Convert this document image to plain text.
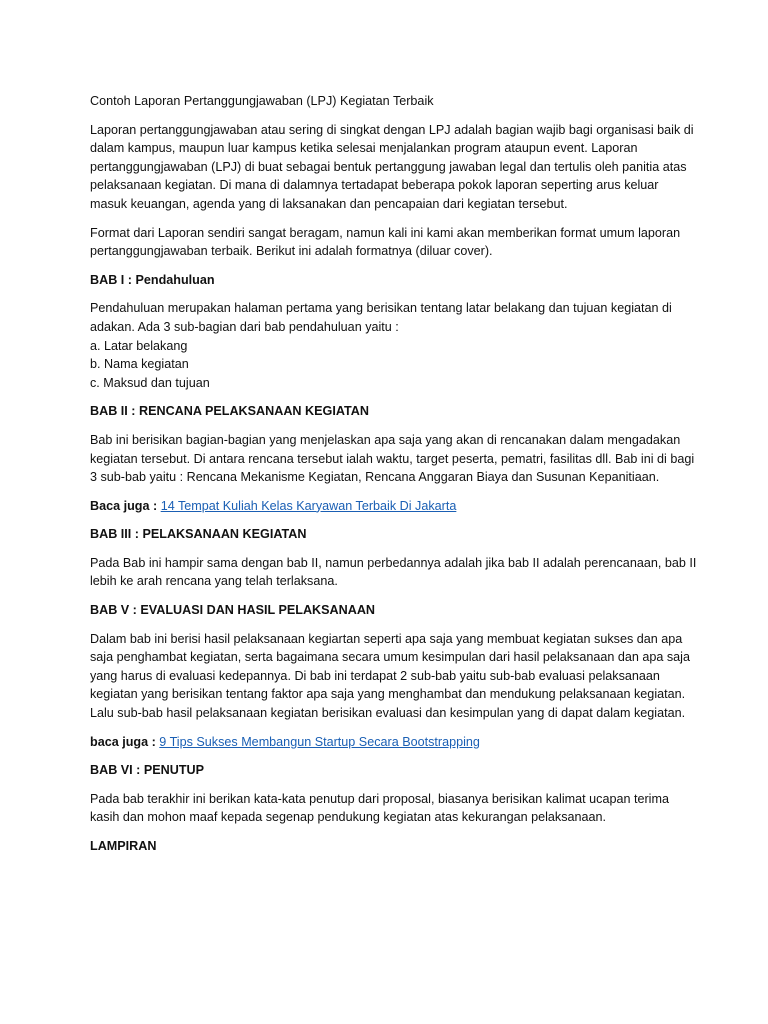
Contoh Laporan Pertanggungjawaban (LPJ) Kegiatan Terbaik

Laporan pertanggungjawaban atau sering di singkat dengan LPJ adalah bagian wajib bagi organisasi baik di dalam kampus, maupun luar kampus ketika selesai menjalankan program ataupun event. Laporan pertanggungjawaban (LPJ) di buat sebagai bentuk pertanggung jawaban legal dan tertulis oleh panitia atas pelaksanaan kegiatan. Di mana di dalamnya tertadapat beberapa pokok laporan seperting arus keluar masuk keuangan, agenda yang di laksanakan dan pencapaian dari kegiatan tersebut.

Format dari Laporan sendiri sangat beragam, namun kali ini kami akan memberikan format umum laporan pertanggungjawaban terbaik. Berikut ini adalah formatnya (diluar cover).

BAB I : Pendahuluan

Pendahuluan merupakan halaman pertama yang berisikan tentang latar belakang dan tujuan kegiatan di adakan. Ada 3 sub-bagian dari bab pendahuluan yaitu :
a. Latar belakang
b. Nama kegiatan
c. Maksud dan tujuan

BAB II : RENCANA PELAKSANAAN KEGIATAN

Bab ini berisikan bagian-bagian yang menjelaskan apa saja yang akan di rencanakan dalam mengadakan kegiatan tersebut. Di antara rencana tersebut ialah waktu, target peserta, pematri, fasilitas dll. Bab ini di bagi 3 sub-bab yaitu : Rencana Mekanisme Kegiatan, Rencana Anggaran Biaya dan Susunan Kepanitiaan.

Baca juga : 14 Tempat Kuliah Kelas Karyawan Terbaik Di Jakarta

BAB III : PELAKSANAAN KEGIATAN

Pada Bab ini hampir sama dengan bab II, namun perbedannya adalah jika bab II adalah perencanaan, bab II lebih ke arah rencana yang telah terlaksana.

BAB V : EVALUASI DAN HASIL PELAKSANAAN

Dalam bab ini berisi hasil pelaksanaan kegiartan seperti apa saja yang membuat kegiatan sukses dan apa saja penghambat kegiatan, serta bagaimana secara umum kesimpulan dari hasil pelaksanaan dan apa saja yang harus di evaluasi kedepannya. Di bab ini terdapat 2 sub-bab yaitu sub-bab evaluasi pelaksanaan kegiatan yang berisikan tentang faktor apa saja yang menghambat dan mendukung pelaksanaan kegiatan. Lalu sub-bab hasil pelaksanaan kegiatan berisikan evaluasi dan kesimpulan yang di dapat dalam kegiatan.

baca juga : 9 Tips Sukses Membangun Startup Secara Bootstrapping

BAB VI : PENUTUP

Pada bab terakhir ini berikan kata-kata penutup dari proposal, biasanya berisikan kalimat ucapan terima kasih dan mohon maaf kepada segenap pendukung kegiatan atas kekurangan pelaksanaan.

LAMPIRAN
